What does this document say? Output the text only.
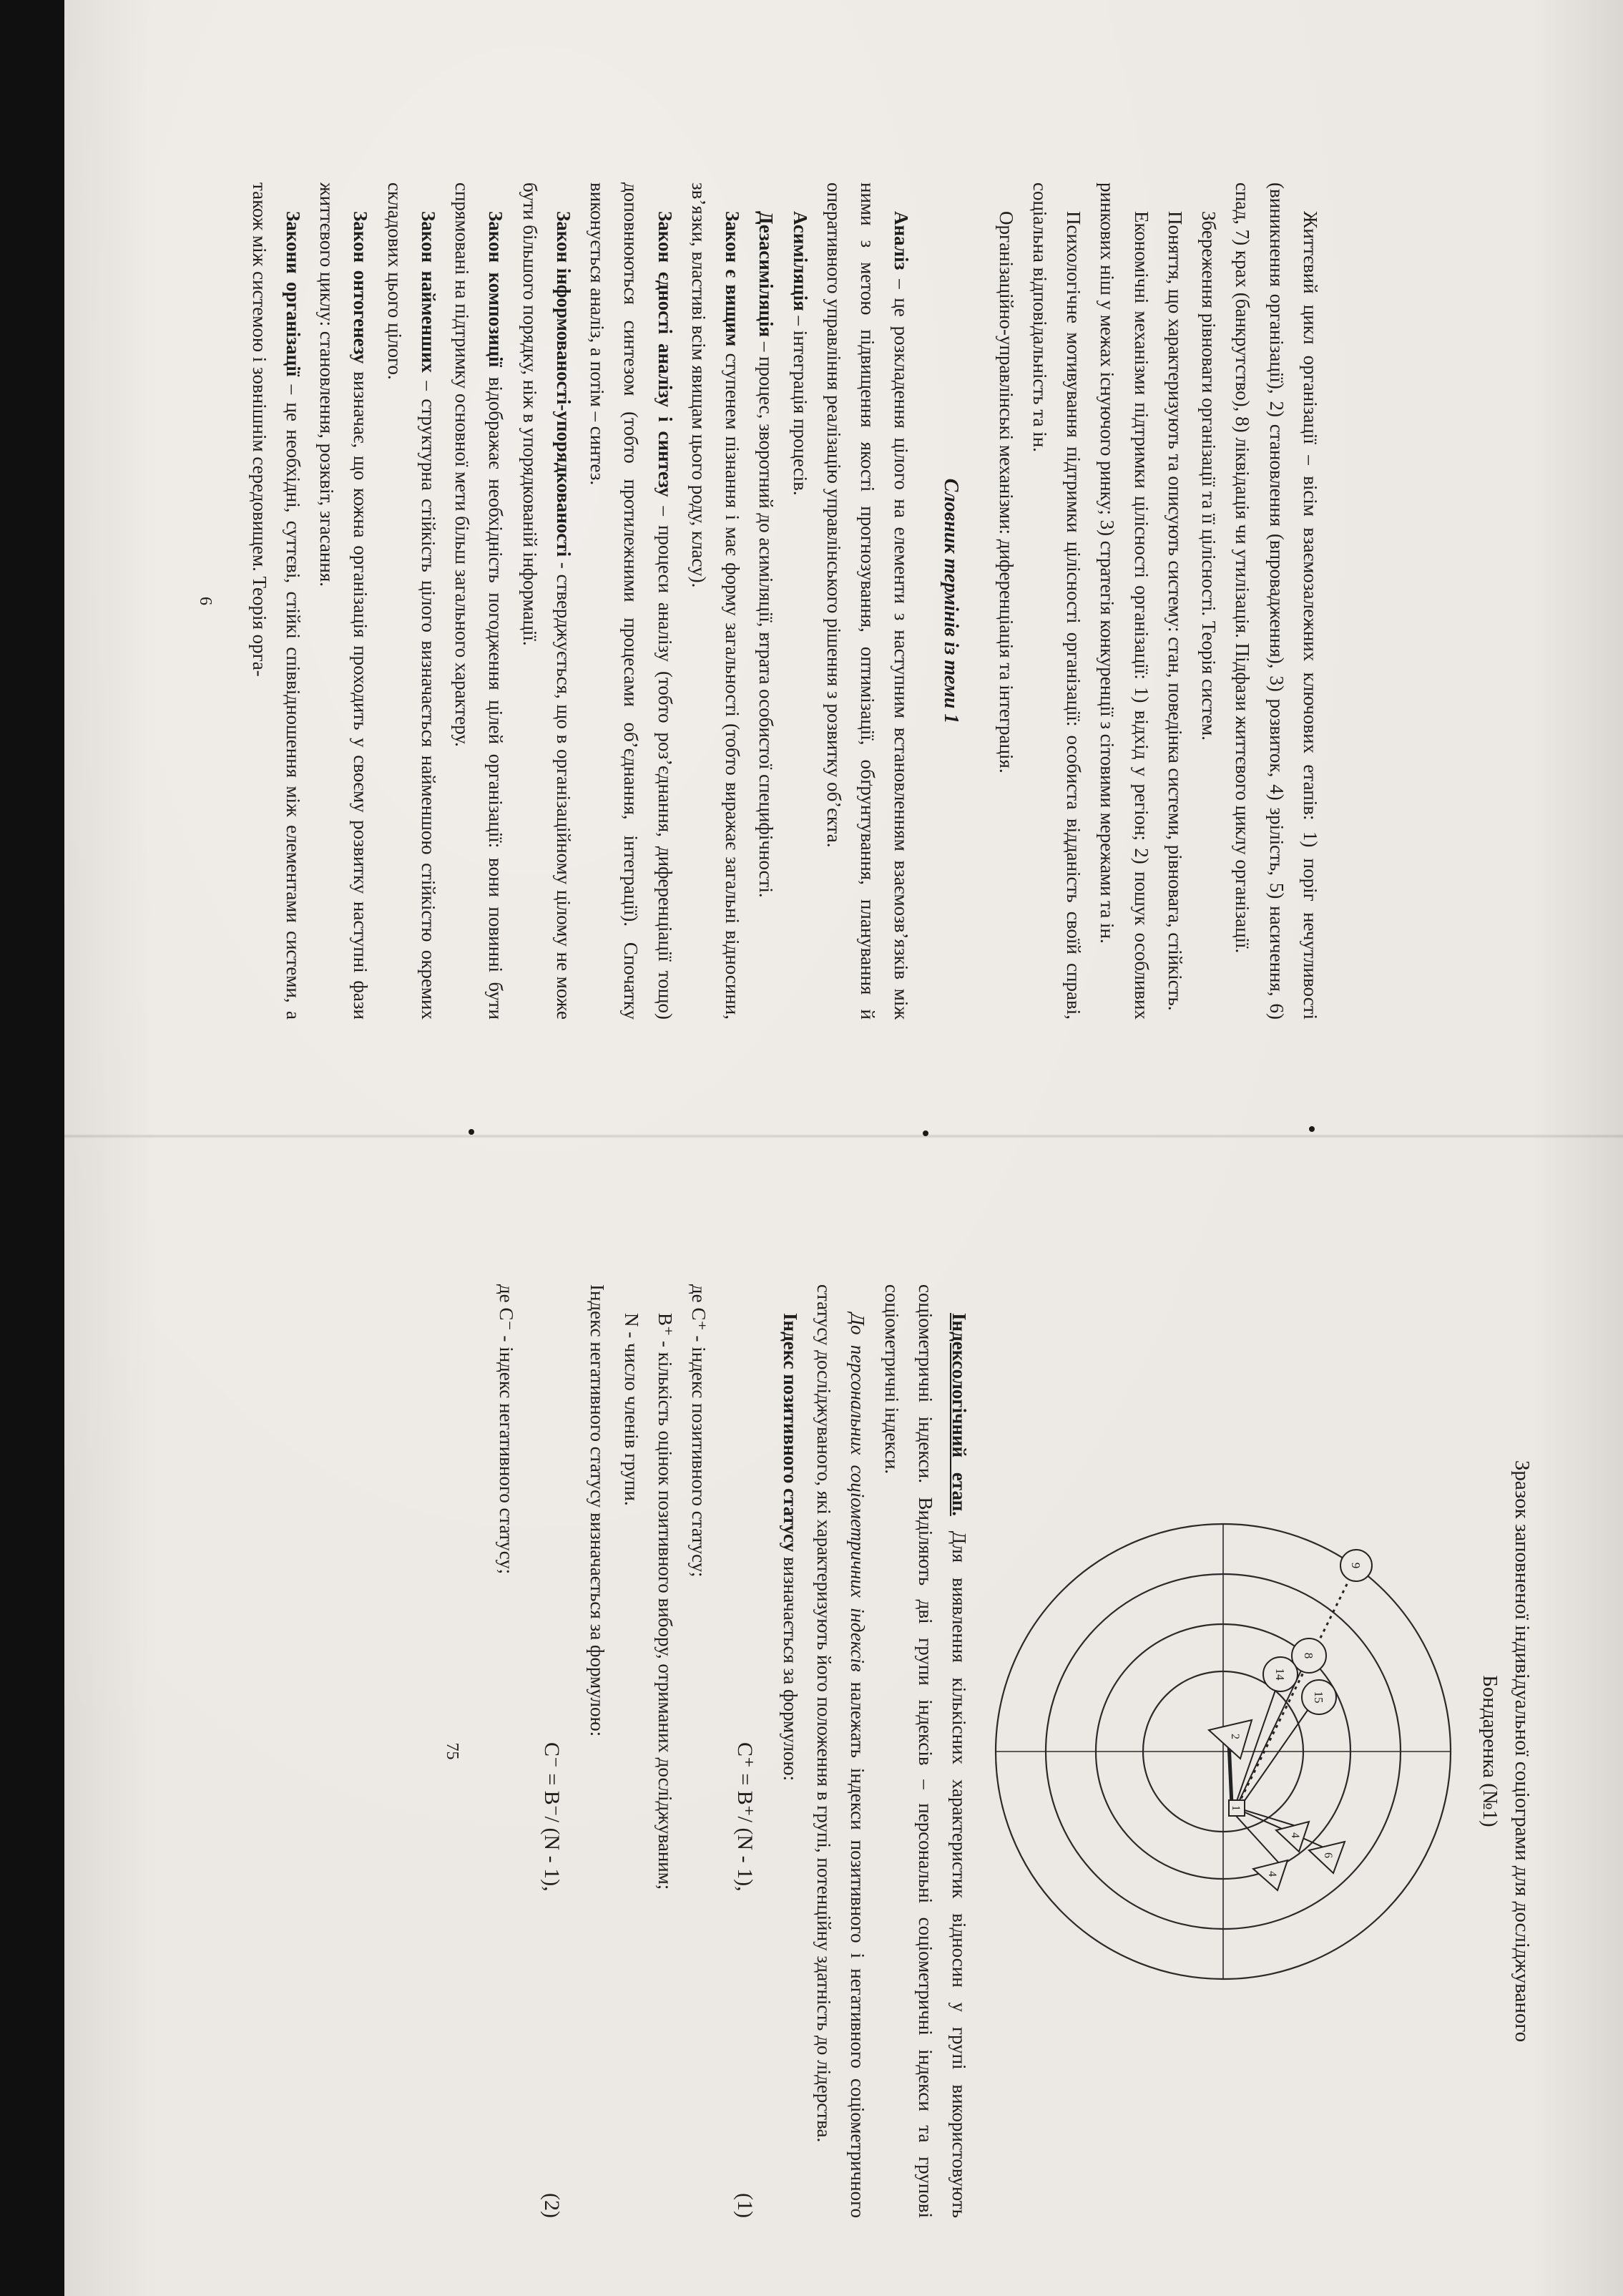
Життєвий цикл організації – вісім взаємозалежних ключових етапів: 1) поріг нечутливості (виникнення організації), 2) становлення (впровадження), 3) розвиток, 4) зрілість, 5) насичення, 6) спад, 7) крах (банкрутство), 8) ліквідація чи утилізація. Підфази життєвого циклу організації.

Збереження рівноваги організації та її цілісності. Теорія систем.

Поняття, що характеризують та описують систему: стан, поведінка системи, рівновага, стійкість.

Економічні механізми підтримки цілісності організації: 1) відхід у регіон; 2) пошук особливих ринкових ніш у межах існуючого ринку; 3) стратегія конкуренції з сітовими мережами та ін.

Психологічне мотивування підтримки цілісності організації: особиста відданість своїй справі, соціальна відповідальність та ін.

Організаційно-управлінські механізми: диференціація та інтеграція.

Словник термінів із теми 1

Аналіз – це розкладення цілого на елементи з наступним встановленням взаємозв’язків між ними з метою підвищення якості прогнозування, оптимізації, обґрунтування, планування й оперативного управління реалізацію управлінського рішення з розвитку об’єкта.

Асиміляція – інтеграція процесів.

Дезасиміляція – процес, зворотний до асиміляції, втрата особистої специфічності.

Закон є вищим ступенем пізнання і має форму загальності (тобто виражає загальні відносини, зв’язки, властиві всім явищам цього роду, класу).

Закон єдності аналізу і синтезу – процеси аналізу (тобто роз’єднання, диференціації тощо) доповнюються синтезом (тобто протилежними процесами об’єднання, інтеграції). Спочатку виконується аналіз, а потім – синтез.

Закон інформованості-упорядкованості - стверджується, що в організаційному цілому не може бути більшого порядку, ніж в упорядкованій інформації.

Закон композиції відображає необхідність погодження цілей організації: вони повинні бути спрямовані на підтримку основної мети більш загального характеру.

Закон найменших – структурна стійкість цілого визначається найменшою стійкістю окремих складових цього цілого.

Закон онтогенезу визначає, що кожна організація проходить у своєму розвитку наступні фази життєвого циклу: становлення, розквіт, згасання.

Закони організації – це необхідні, суттєві, стійкі співвідношення між елементами системи, а також між системою і зовнішнім середовищем. Теорія орга-

6
Зразок заповненої індивідуальної соціограми для досліджуваного
Бондаренка (№1)
9
8
15
14
2
4
6
4
1

Індексологічний етап. Для виявлення кількісних характеристик відносин у групі використовують соціометричні індекси. Виділяють дві групи індексів – персональні соціометричні індекси та групові соціометричні індекси.

До персональних соціометричних індексів належать індекси позитивного і негативного соціометричного статусу досліджуваного, які характеризують його положення в групі, потенційну здатність до лідерства.

Індекс позитивного статусу визначається за формулою:

C⁺ = B⁺/ (N - 1),
(1)

де C⁺ - індекс позитивного статусу;

B⁺ - кількість оцінок позитивного вибору, отриманих досліджуваним;

N - число членів групи.

Індекс негативного статусу визначається за формулою:

C⁻ = B⁻/ (N - 1),
(2)

де C⁻ - індекс негативного статусу;

75
